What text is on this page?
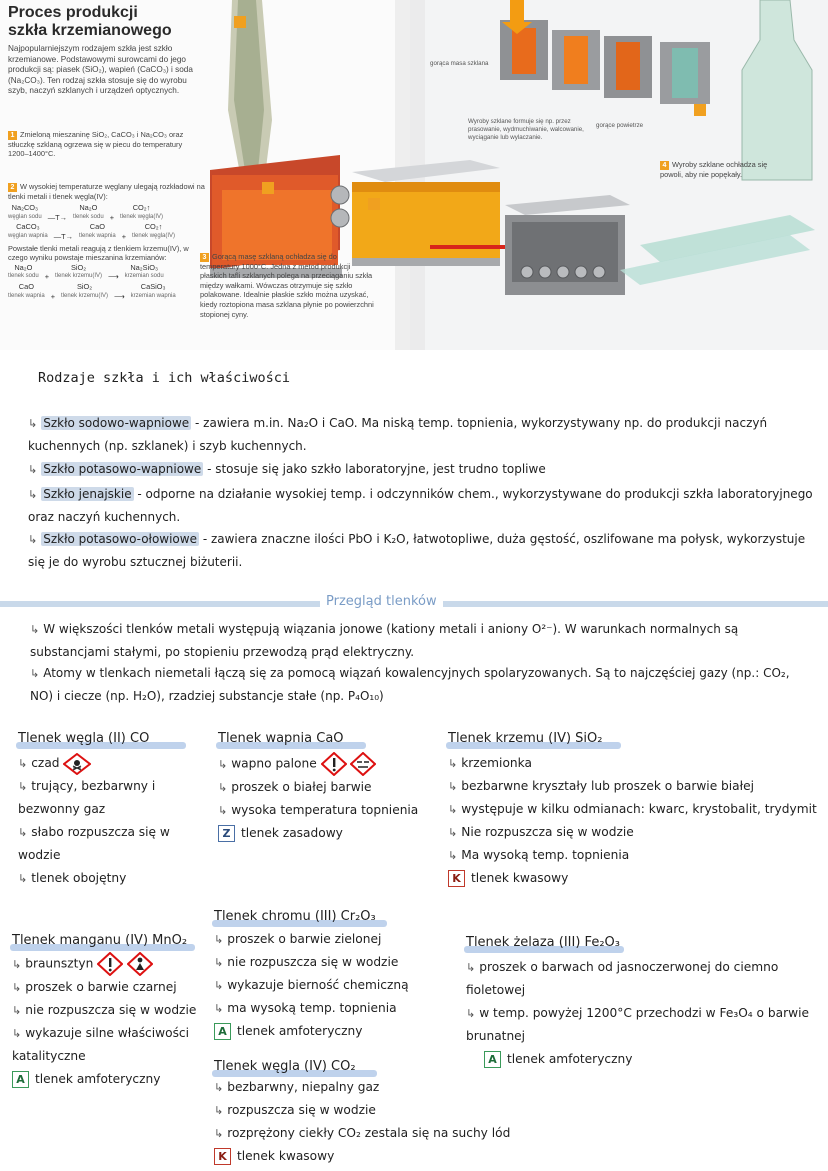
Proces produkcji
szkła krzemianowego
Najpopularniejszym rodzajem szkła jest szkło krzemianowe. Podstawowymi surowcami do jego produkcji są: piasek (SiO₂), wapień (CaCO₃) i soda (Na₂CO₃). Ten rodzaj szkła stosuje się do wyrobu szyb, naczyń szklanych i urządzeń optycznych.
1 Zmieloną mieszaninę SiO₂, CaCO₃ i Na₂CO₃ oraz stłuczkę szklaną ogrzewa się w piecu do temperatury 1200–1400°C.
2 W wysokiej temperaturze węglany ulegają rozkładowi na tlenki metali i tlenek węgla(IV):
Na₂CO₃
węglan sodu —T→
Na₂O
tlenek sodu +
CO₂↑
tlenek węgla(IV)
CaCO₃
węglan wapnia —T→
CaO
tlenek wapnia +
CO₂↑
tlenek węgla(IV)
Powstałe tlenki metali reagują z tlenkiem krzemu(IV), w czego wyniku powstaje mieszanina krzemianów:
Na₂O
tlenek sodu +
SiO₂
tlenek krzemu(IV) ⟶
Na₂SiO₃
krzemian sodu
CaO
tlenek wapnia +
SiO₂
tlenek krzemu(IV) ⟶
CaSiO₃
krzemian wapnia
3 Gorącą masę szklaną ochładza się do temperatury 1000°C. Jedna z metod produkcji płaskich tafli szklanych polega na przeciąganiu szkła między wałkami. Wówczas otrzymuje się szkło polakowane. Idealnie płaskie szkło można uzyskać, kiedy roztopiona masa szklana płynie po powierzchni stopionej cyny.
gorąca masa szklana
Wyroby szklane formuje się np. przez prasowanie, wydmuchiwanie, walcowanie, wyciąganie lub wylaczanie.
gorące powietrze
4 Wyroby szklane ochładza się powoli, aby nie popękały.
Rodzaje szkła i ich właściwości
↳ Szkło sodowo-wapniowe - zawiera m.in. Na₂O i CaO. Ma niską temp. topnienia, wykorzystywany np. do produkcji naczyń kuchennych (np. szklanek) i szyb kuchennych.
↳ Szkło potasowo-wapniowe - stosuje się jako szkło laboratoryjne, jest trudno topliwe
↳ Szkło jenajskie - odporne na działanie wysokiej temp. i odczynników chem., wykorzystywane do produkcji szkła laboratoryjnego oraz naczyń kuchennych.
↳ Szkło potasowo-ołowiowe - zawiera znaczne ilości PbO i K₂O, łatwotopliwe, duża gęstość, oszlifowane ma połysk, wykorzystuje się je do wyrobu sztucznej biżuterii.
Przegląd tlenków
↳ W większości tlenków metali występują wiązania jonowe (kationy metali i aniony O²⁻). W warunkach normalnych są substancjami stałymi, po stopieniu przewodzą prąd elektryczny.
↳ Atomy w tlenkach niemetali łączą się za pomocą wiązań kowalencyjnych spolaryzowanych. Są to najczęściej gazy (np.: CO₂, NO) i ciecze (np. H₂O), rzadziej substancje stałe (np. P₄O₁₀)
Tlenek węgla (II) CO
↳ czad
↳ trujący, bezbarwny i bezwonny gaz
↳ słabo rozpuszcza się w wodzie
↳ tlenek obojętny
Tlenek wapnia CaO
↳ wapno palone
↳ proszek o białej barwie
↳ wysoka temperatura topnienia
Z tlenek zasadowy
Tlenek krzemu (IV) SiO₂
↳ krzemionka
↳ bezbarwne kryształy lub proszek o barwie białej
↳ występuje w kilku odmianach: kwarc, krystobalit, trydymit
↳ Nie rozpuszcza się w wodzie
↳ Ma wysoką temp. topnienia
K tlenek kwasowy
Tlenek chromu (III) Cr₂O₃
↳ proszek o barwie zielonej
↳ nie rozpuszcza się w wodzie
↳ wykazuje bierność chemiczną
↳ ma wysoką temp. topnienia
A tlenek amfoteryczny
Tlenek manganu (IV) MnO₂
↳ braunsztyn
↳ proszek o barwie czarnej
↳ nie rozpuszcza się w wodzie
↳ wykazuje silne właściwości katalityczne
A tlenek amfoteryczny
Tlenek żelaza (III) Fe₂O₃
↳ proszek o barwach od jasnoczerwonej do ciemno fioletowej
↳ w temp. powyżej 1200°C przechodzi w Fe₃O₄ o barwie brunatnej
A tlenek amfoteryczny
Tlenek węgla (IV) CO₂
↳ bezbarwny, niepalny gaz
↳ rozpuszcza się w wodzie
↳ rozprężony ciekły CO₂ zestala się na suchy lód
K tlenek kwasowy
